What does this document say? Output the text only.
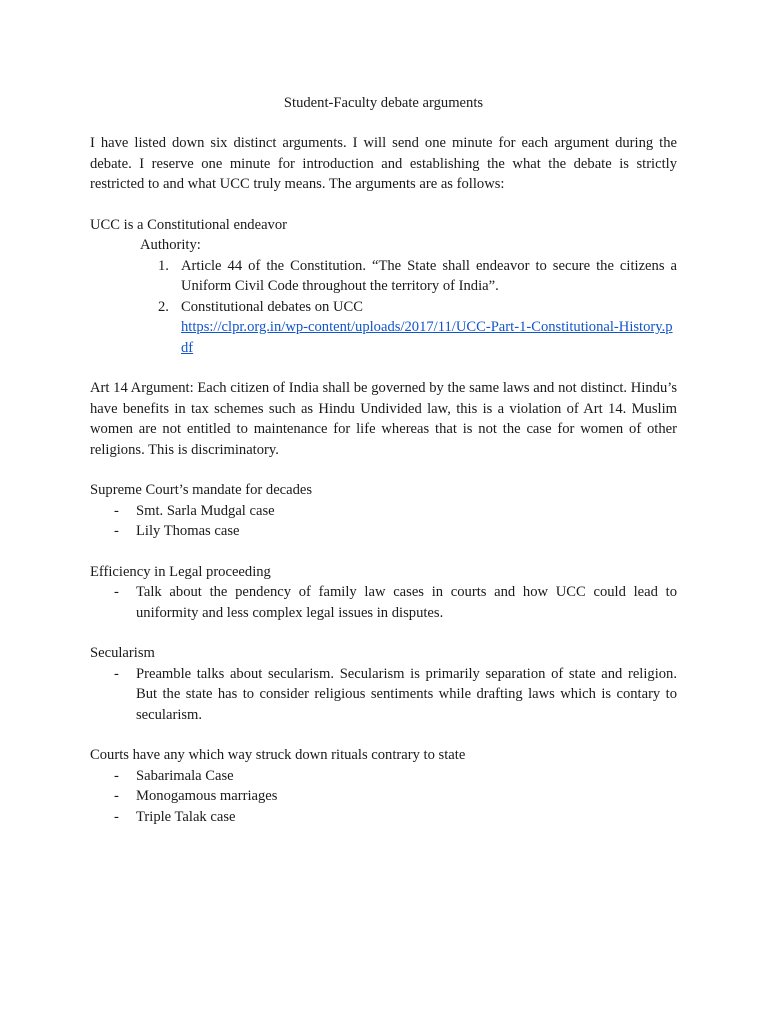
Student-Faculty debate arguments

I have listed down six distinct arguments. I will send one minute for each argument during the debate. I reserve one minute for introduction and establishing the what the debate is strictly restricted to and what UCC truly means. The arguments are as follows:

UCC is a Constitutional endeavor

Authority:

1. Article 44 of the Constitution. “The State shall endeavor to secure the citizens a Uniform Civil Code throughout the territory of India”.
2. Constitutional debates on UCC
https://clpr.org.in/wp-content/uploads/2017/11/UCC-Part-1-Constitutional-History.pdf

Art 14 Argument: Each citizen of India shall be governed by the same laws and not distinct. Hindu’s have benefits in tax schemes such as Hindu Undivided law, this is a violation of Art 14. Muslim women are not entitled to maintenance for life whereas that is not the case for women of other religions. This is discriminatory.

Supreme Court’s mandate for decades

- Smt. Sarla Mudgal case
- Lily Thomas case

Efficiency in Legal proceeding

- Talk about the pendency of family law cases in courts and how UCC could lead to uniformity and less complex legal issues in disputes.

Secularism

- Preamble talks about secularism. Secularism is primarily separation of state and religion. But the state has to consider religious sentiments while drafting laws which is contary to secularism.

Courts have any which way struck down rituals contrary to state

- Sabarimala Case
- Monogamous marriages
- Triple Talak case
